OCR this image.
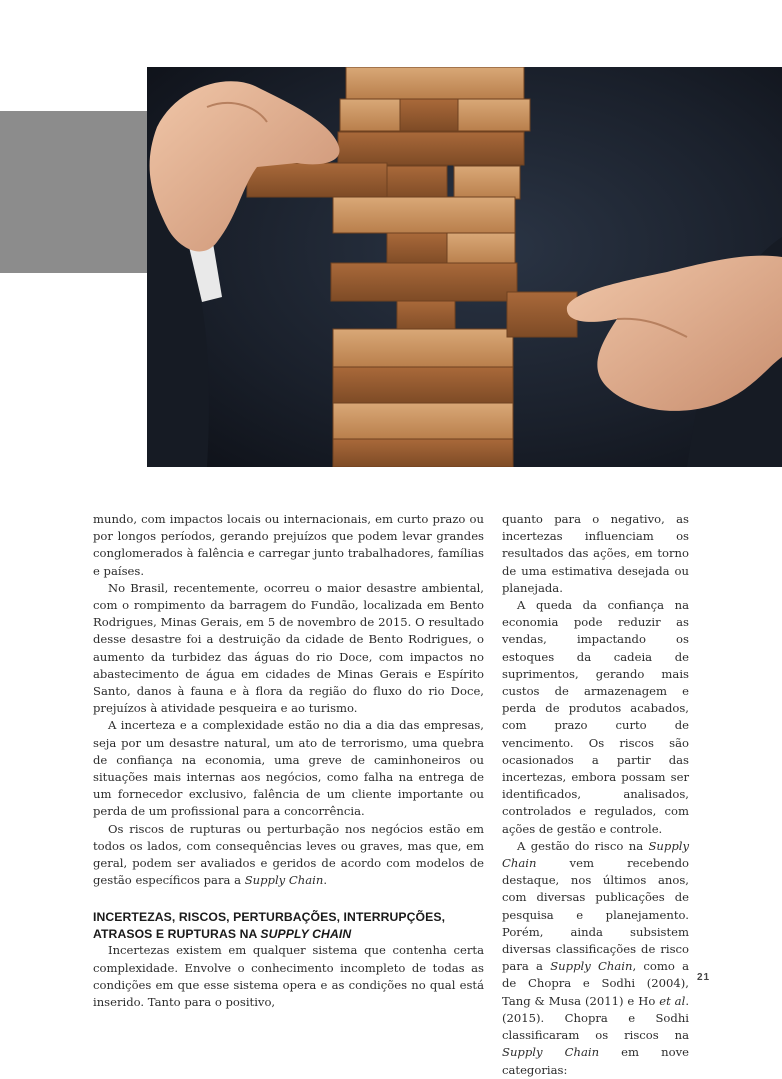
mundo, com impactos locais ou internacionais, em curto prazo ou por longos períodos, gerando prejuízos que podem levar grandes conglomerados à falência e carregar junto trabalhadores, famílias e países.

No Brasil, recentemente, ocorreu o maior desastre ambiental, com o rompimento da barragem do Fundão, localizada em Bento Rodrigues, Minas Gerais, em 5 de novembro de 2015. O resultado desse desastre foi a destruição da cidade de Bento Rodrigues, o aumento da turbidez das águas do rio Doce, com impactos no abastecimento de água em cidades de Minas Gerais e Espírito Santo, danos à fauna e à flora da região do fluxo do rio Doce, prejuízos à atividade pesqueira e ao turismo.

A incerteza e a complexidade estão no dia a dia das empresas, seja por um desastre natural, um ato de terrorismo, uma quebra de confiança na economia, uma greve de caminhoneiros ou situações mais internas aos negócios, como falha na entrega de um fornecedor exclusivo, falência de um cliente importante ou perda de um profissional para a concorrência.

Os riscos de rupturas ou perturbação nos negócios estão em todos os lados, com consequências leves ou graves, mas que, em geral, podem ser avaliados e geridos de acordo com modelos de gestão específicos para a Supply Chain.

INCERTEZAS, RISCOS, PERTURBAÇÕES, INTERRUPÇÕES, ATRASOS E RUPTURAS NA SUPPLY CHAIN

Incertezas existem em qualquer sistema que contenha certa complexidade. Envolve o conhecimento incompleto de todas as condições em que esse sistema opera e as condições no qual está inserido. Tanto para o positivo,

quanto para o negativo, as incertezas influenciam os resultados das ações, em torno de uma estimativa desejada ou planejada.

A queda da confiança na economia pode reduzir as vendas, impactando os estoques da cadeia de suprimentos, gerando mais custos de armazenagem e perda de produtos acabados, com prazo curto de vencimento. Os riscos são ocasionados a partir das incertezas, embora possam ser identificados, analisados, controlados e regulados, com ações de gestão e controle.

A gestão do risco na Supply Chain vem recebendo destaque, nos últimos anos, com diversas publicações de pesquisa e planejamento. Porém, ainda subsistem diversas classificações de risco para a Supply Chain, como a de Chopra e Sodhi (2004), Tang & Musa (2011) e Ho et al. (2015). Chopra e Sodhi classificaram os riscos na Supply Chain em nove categorias:

21
